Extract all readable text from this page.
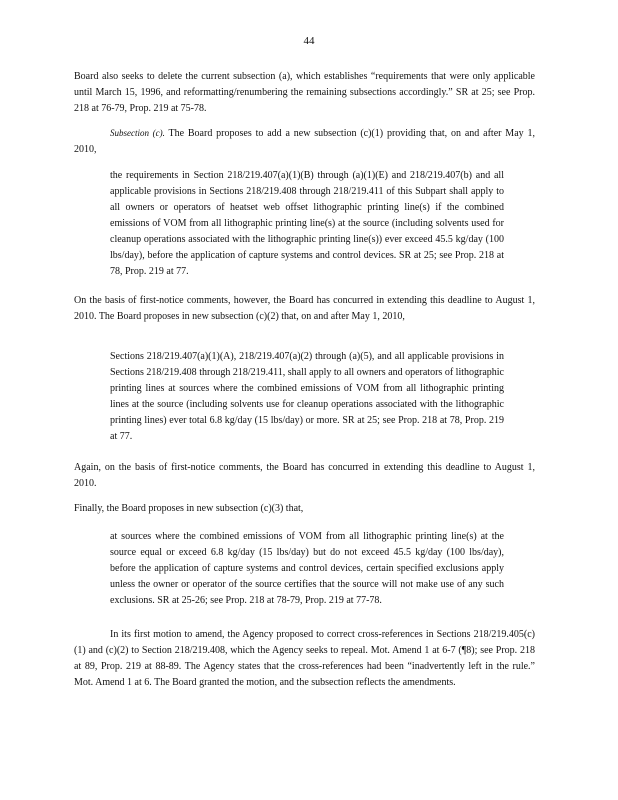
44

Board also seeks to delete the current subsection (a), which establishes “requirements that were only applicable until March 15, 1996, and reformatting/renumbering the remaining subsections accordingly.” SR at 25; see Prop. 218 at 76-79, Prop. 219 at 75-78.

Subsection (c). The Board proposes to add a new subsection (c)(1) providing that, on and after May 1, 2010,

the requirements in Section 218/219.407(a)(1)(B) through (a)(1)(E) and 218/219.407(b) and all applicable provisions in Sections 218/219.408 through 218/219.411 of this Subpart shall apply to all owners or operators of heatset web offset lithographic printing line(s) if the combined emissions of VOM from all lithographic printing line(s) at the source (including solvents used for cleanup operations associated with the lithographic printing line(s)) ever exceed 45.5 kg/day (100 lbs/day), before the application of capture systems and control devices. SR at 25; see Prop. 218 at 78, Prop. 219 at 77.

On the basis of first-notice comments, however, the Board has concurred in extending this deadline to August 1, 2010. The Board proposes in new subsection (c)(2) that, on and after May 1, 2010,

Sections 218/219.407(a)(1)(A), 218/219.407(a)(2) through (a)(5), and all applicable provisions in Sections 218/219.408 through 218/219.411, shall apply to all owners and operators of lithographic printing lines at sources where the combined emissions of VOM from all lithographic printing lines at the source (including solvents use for cleanup operations associated with the lithographic printing lines) ever total 6.8 kg/day (15 lbs/day) or more. SR at 25; see Prop. 218 at 78, Prop. 219 at 77.

Again, on the basis of first-notice comments, the Board has concurred in extending this deadline to August 1, 2010.

Finally, the Board proposes in new subsection (c)(3) that,

at sources where the combined emissions of VOM from all lithographic printing line(s) at the source equal or exceed 6.8 kg/day (15 lbs/day) but do not exceed 45.5 kg/day (100 lbs/day), before the application of capture systems and control devices, certain specified exclusions apply unless the owner or operator of the source certifies that the source will not make use of any such exclusions. SR at 25-26; see Prop. 218 at 78-79, Prop. 219 at 77-78.

In its first motion to amend, the Agency proposed to correct cross-references in Sections 218/219.405(c)(1) and (c)(2) to Section 218/219.408, which the Agency seeks to repeal. Mot. Amend 1 at 6-7 (¶8); see Prop. 218 at 89, Prop. 219 at 88-89. The Agency states that the cross-references had been “inadvertently left in the rule.” Mot. Amend 1 at 6. The Board granted the motion, and the subsection reflects the amendments.
